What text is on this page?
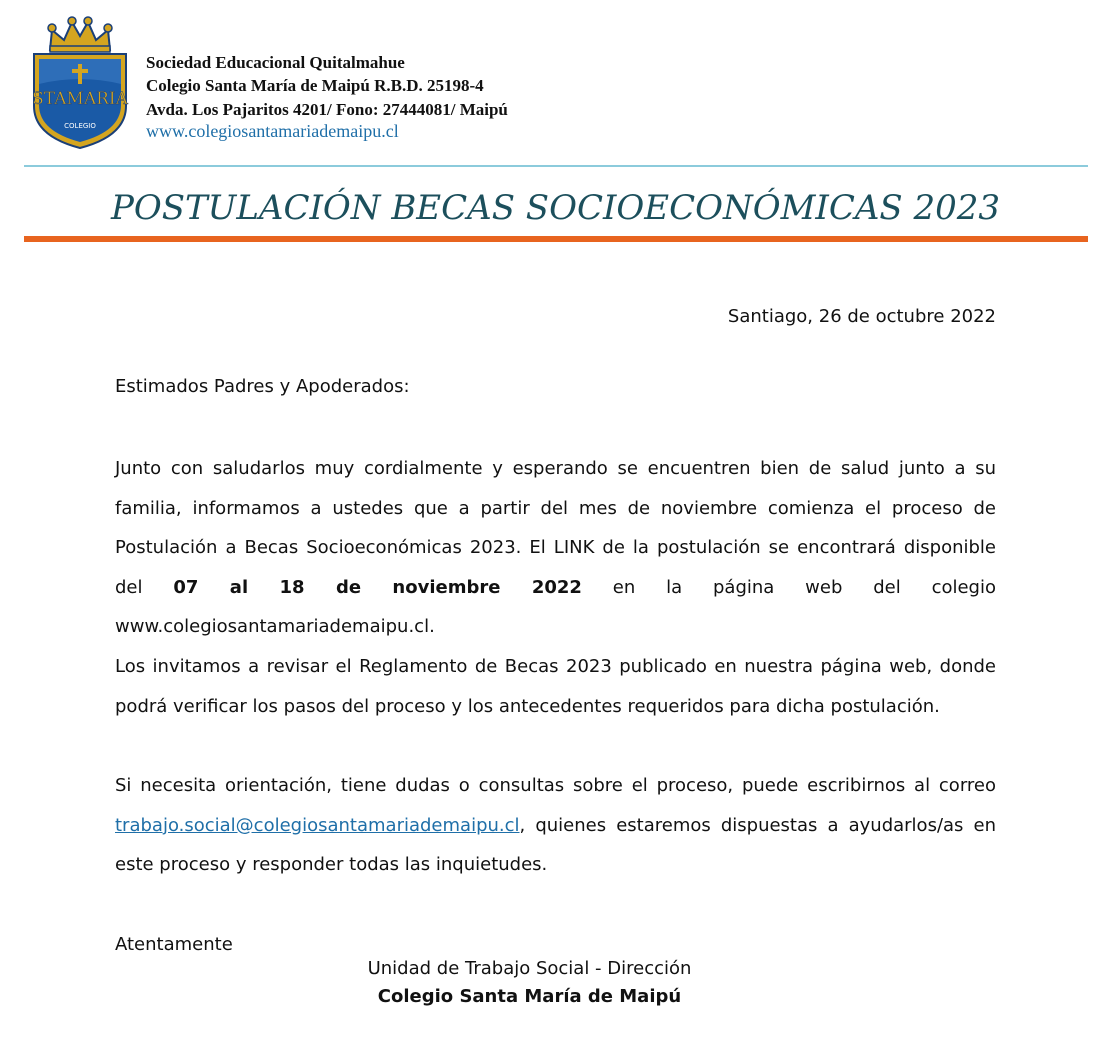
STAMARIA
COLEGIO
Sociedad Educacional Quitalmahue
Colegio Santa María de Maipú R.B.D. 25198-4
Avda. Los Pajaritos 4201/ Fono: 27444081/ Maipú
www.colegiosantamariademaipu.cl
POSTULACIÓN BECAS SOCIOECONÓMICAS 2023
Santiago, 26 de octubre 2022
Estimados Padres y Apoderados:
Junto con saludarlos muy cordialmente y esperando se encuentren bien de salud junto a su familia, informamos a ustedes que a partir del mes de noviembre comienza el proceso de Postulación a Becas Socioeconómicas 2023. El LINK de la postulación se encontrará disponible del 07 al 18 de noviembre 2022 en la página web del colegio www.colegiosantamariademaipu.cl.
Los invitamos a revisar el Reglamento de Becas 2023 publicado en nuestra página web, donde podrá verificar los pasos del proceso y los antecedentes requeridos para dicha postulación.
Si necesita orientación, tiene dudas o consultas sobre el proceso, puede escribirnos al correo trabajo.social@colegiosantamariademaipu.cl, quienes estaremos dispuestas a ayudarlos/as en este proceso y responder todas las inquietudes.
Atentamente
Unidad de Trabajo Social - Dirección
Colegio Santa María de Maipú
